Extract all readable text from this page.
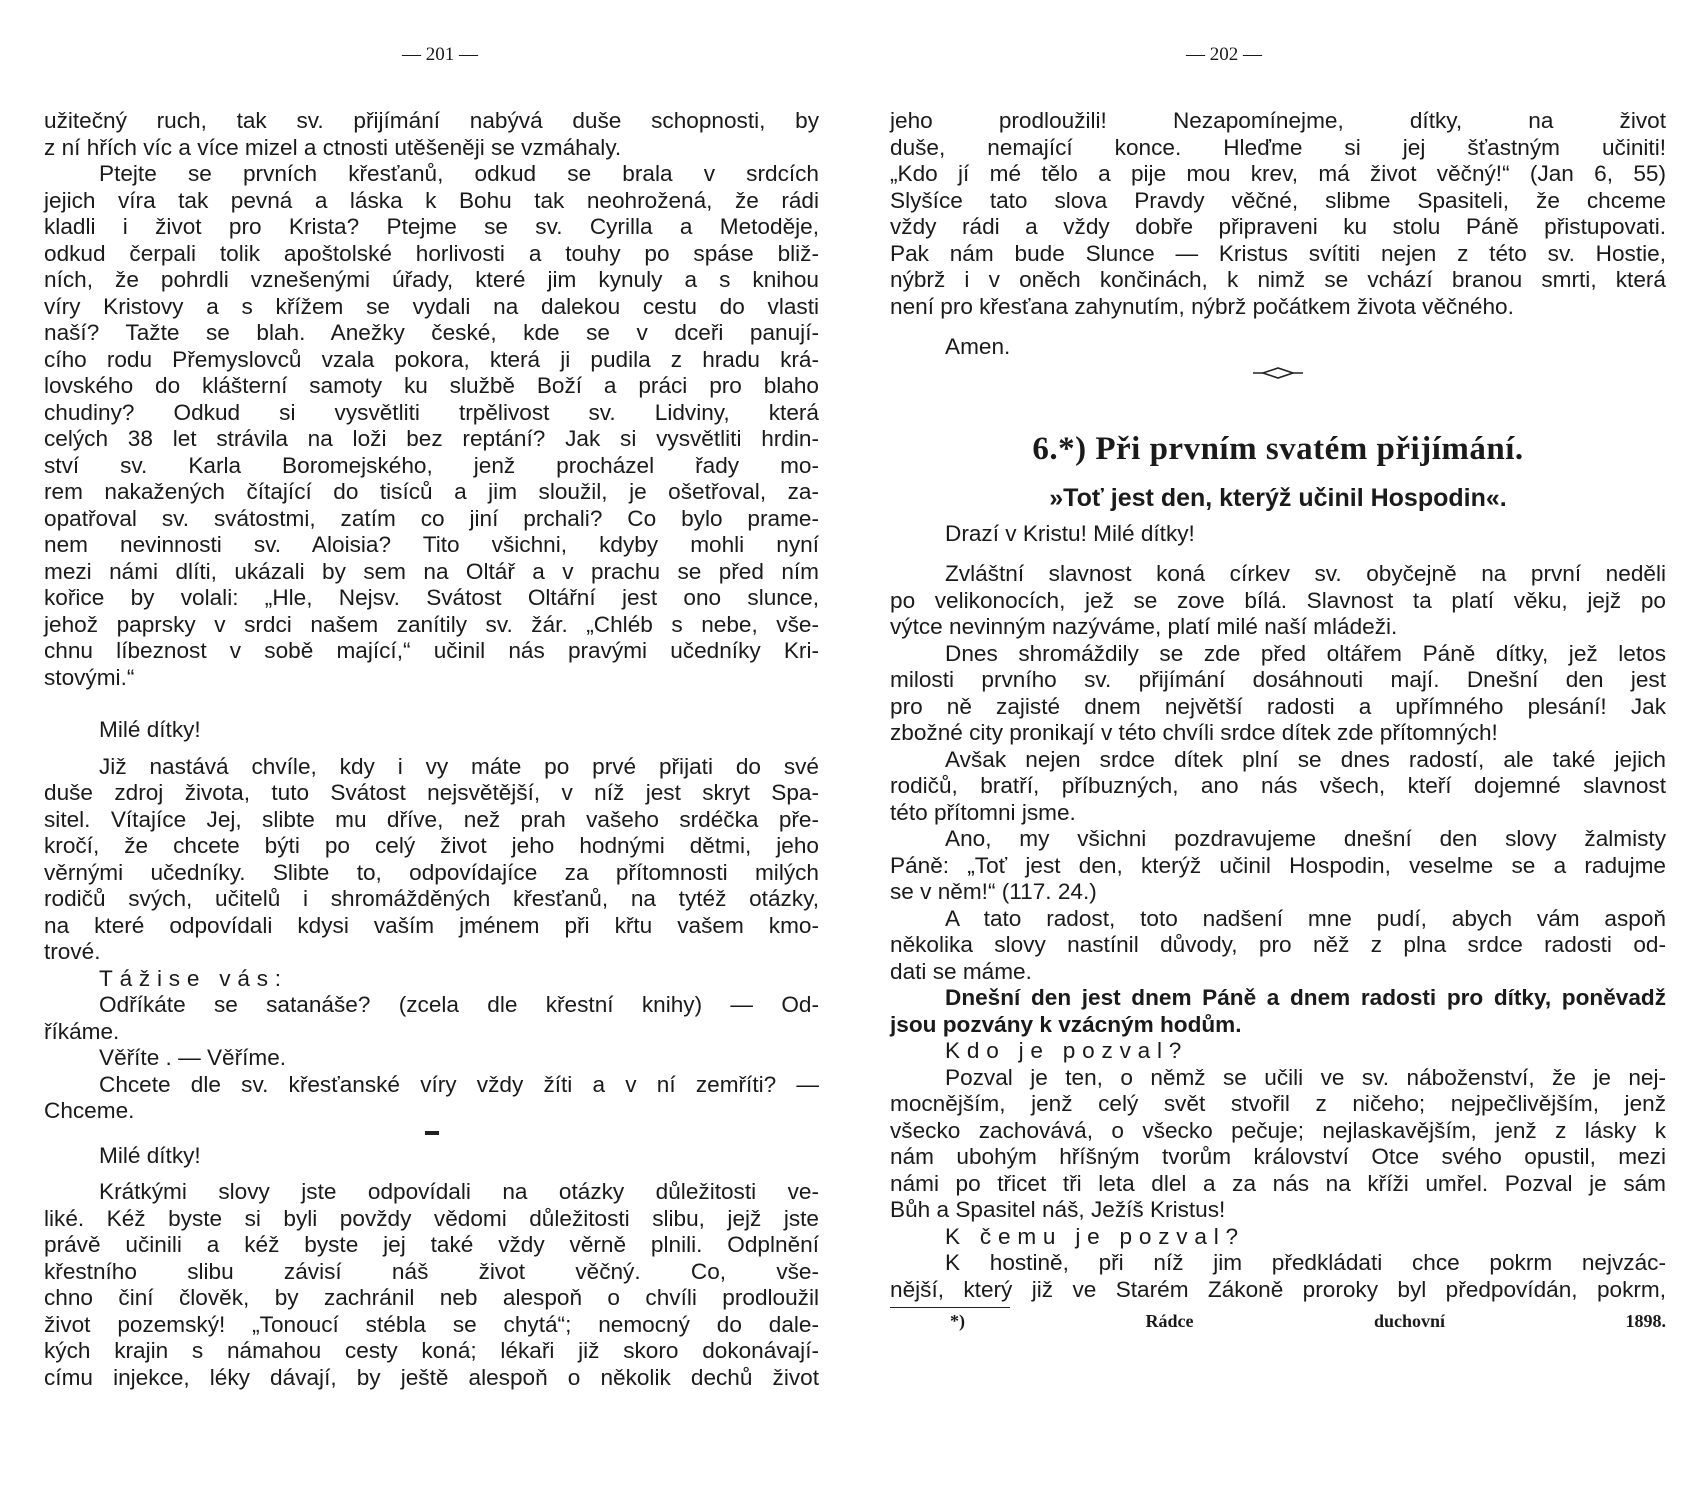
— 201 —

užitečný ruch, tak sv. přijímání nabývá duše schopnosti, by

z ní hřích víc a více mizel a ctnosti utěšeněji se vzmáhaly.

Ptejte se prvních křesťanů, odkud se brala v srdcích

jejich víra tak pevná a láska k Bohu tak neohrožená, že rádi

kladli i život pro Krista? Ptejme se sv. Cyrilla a Metoděje,

odkud čerpali tolik apoštolské horlivosti a touhy po spáse bliž-

ních, že pohrdli vznešenými úřady, které jim kynuly a s knihou

víry Kristovy a s křížem se vydali na dalekou cestu do vlasti

naší? Tažte se blah. Anežky české, kde se v dceři panují-

cího rodu Přemyslovců vzala pokora, která ji pudila z hradu krá-

lovského do klášterní samoty ku službě Boží a práci pro blaho

chudiny? Odkud si vysvětliti trpělivost sv. Lidviny, která

celých 38 let strávila na loži bez reptání? Jak si vysvětliti hrdin-

ství sv. Karla Boromejského, jenž procházel řady mo-

rem nakažených čítající do tisíců a jim sloužil, je ošetřoval, za-

opatřoval sv. svátostmi, zatím co jiní prchali? Co bylo prame-

nem nevinnosti sv. Aloisia? Tito všichni, kdyby mohli nyní

mezi námi dlíti, ukázali by sem na Oltář a v prachu se před ním

kořice by volali: „Hle, Nejsv. Svátost Oltářní jest ono slunce,

jehož paprsky v srdci našem zanítily sv. žár. „Chléb s nebe, vše-

chnu líbeznost v sobě mající,“ učinil nás pravými učedníky Kri-

stovými.“

Milé dítky!

Již nastává chvíle, kdy i vy máte po prvé přijati do své

duše zdroj života, tuto Svátost nejsvětější, v níž jest skryt Spa-

sitel. Vítajíce Jej, slibte mu dříve, než prah vašeho srdéčka pře-

kročí, že chcete býti po celý život jeho hodnými dětmi, jeho

věrnými učedníky. Slibte to, odpovídajíce za přítomnosti milých

rodičů svých, učitelů i shromážděných křesťanů, na tytéž otázky,

na které odpovídali kdysi vaším jménem při křtu vašem kmo-

trové.

Tážise vás:

Odříkáte se satanáše? (zcela dle křestní knihy) — Od-

říkáme.

Věříte . — Věříme.

Chcete dle sv. křesťanské víry vždy žíti a v ní zemříti? —

Chceme.

Milé dítky!

Krátkými slovy jste odpovídali na otázky důležitosti ve-

liké. Kéž byste si byli povždy vědomi důležitosti slibu, jejž jste

právě učinili a kéž byste jej také vždy věrně plnili. Odplnění

křestního slibu závisí náš život věčný. Co, vše-

chno činí člověk, by zachránil neb alespoň o chvíli prodloužil

život pozemský! „Tonoucí stébla se chytá“; nemocný do dale-

kých krajin s námahou cesty koná; lékaři již skoro dokonávají-

címu injekce, léky dávají, by ještě alespoň o několik dechů život

— 202 —

jeho prodloužili! Nezapomínejme, dítky, na život

duše, nemající konce. Hleďme si jej šťastným učiniti!

„Kdo jí mé tělo a pije mou krev, má život věčný!“ (Jan 6, 55)

Slyšíce tato slova Pravdy věčné, slibme Spasiteli, že chceme

vždy rádi a vždy dobře připraveni ku stolu Páně přistupovati.

Pak nám bude Slunce — Kristus svítiti nejen z této sv. Hostie,

nýbrž i v oněch končinách, k nimž se vchází branou smrti, která

není pro křesťana zahynutím, nýbrž počátkem života věčného.

Amen.

6.*) Při prvním svatém přijímání.
»Toť jest den, kterýž učinil Hospodin«.

Drazí v Kristu! Milé dítky!

Zvláštní slavnost koná církev sv. obyčejně na první neděli

po velikonocích, jež se zove bílá. Slavnost ta platí věku, jejž po

výtce nevinným nazýváme, platí milé naší mládeži.

Dnes shromáždily se zde před oltářem Páně dítky, jež letos

milosti prvního sv. přijímání dosáhnouti mají. Dnešní den jest

pro ně zajisté dnem největší radosti a upřímného plesání! Jak

zbožné city pronikají v této chvíli srdce dítek zde přítomných!

Avšak nejen srdce dítek plní se dnes radostí, ale také jejich

rodičů, bratří, příbuzných, ano nás všech, kteří dojemné slavnost

této přítomni jsme.

Ano, my všichni pozdravujeme dnešní den slovy žalmisty

Páně: „Toť jest den, kterýž učinil Hospodin, veselme se a radujme

se v něm!“ (117. 24.)

A tato radost, toto nadšení mne pudí, abych vám aspoň

několika slovy nastínil důvody, pro něž z plna srdce radosti od-

dati se máme.

Dnešní den jest dnem Páně a dnem radosti pro dítky, poněvadž

jsou pozvány k vzácným hodům.

Kdo je pozval?

Pozval je ten, o němž se učili ve sv. náboženství, že je nej-

mocnějším, jenž celý svět stvořil z ničeho; nejpečlivějším, jenž

všecko zachovává, o všecko pečuje; nejlaskavějším, jenž z lásky k

nám ubohým hříšným tvorům království Otce svého opustil, mezi

námi po třicet tři leta dlel a za nás na kříži umřel. Pozval je sám

Bůh a Spasitel náš, Ježíš Kristus!

K čemu je pozval?

K hostině, při níž jim předkládati chce pokrm nejvzác-

nější, který již ve Starém Zákoně proroky byl předpovídán, pokrm,

*) Rádce duchovní 1898.
